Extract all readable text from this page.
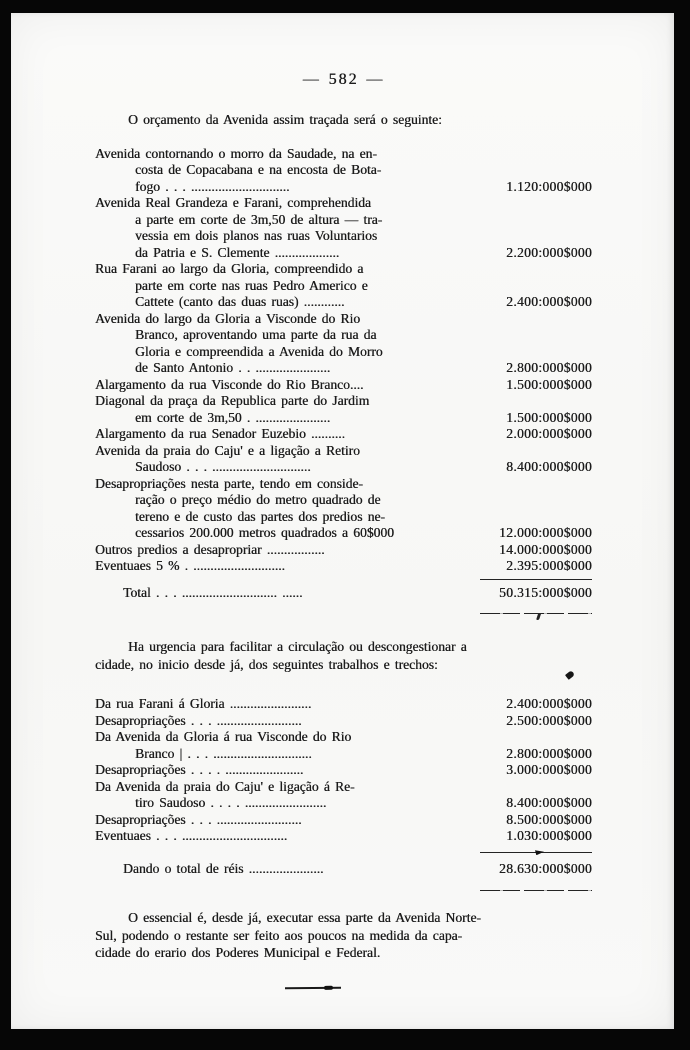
— 582 —
O orçamento da Avenida assim traçada será o seguinte:
Avenida contornando o morro da Saudade, na en-
costa de Copacabana e na encosta de Bota-
fogo . . . .............................	1.120:000$000
Avenida Real Grandeza e Farani, comprehendida
a parte em corte de 3m,50 de altura — tra-
vessia em dois planos nas ruas Voluntarios
da Patria e S. Clemente ...................	2.200:000$000
Rua Farani ao largo da Gloria, compreendido a
parte em corte nas ruas Pedro Americo e
Cattete (canto das duas ruas) ............	2.400:000$000
Avenida do largo da Gloria a Visconde do Rio
Branco, aproventando uma parte da rua da
Gloria e compreendida a Avenida do Morro
de Santo Antonio . . ......................	2.800:000$000
Alargamento da rua Visconde do Rio Branco....	1.500:000$000
Diagonal da praça da Republica parte do Jardim
em corte de 3m,50 . ......................	1.500:000$000
Alargamento da rua Senador Euzebio ..........	2.000:000$000
Avenida da praia do Caju' e a ligação a Retiro
Saudoso . . . .............................	8.400:000$000
Desapropriações nesta parte, tendo em conside-
ração o preço médio do metro quadrado de
tereno e de custo das partes dos predios ne-
cessarios 200.000 metros quadrados a 60$000	12.000:000$000
Outros predios a desapropriar .................	14.000:000$000
Eventuaes 5 % . ...........................	2.395:000$000
Total . . . ............................ ......	50.315:000$000
Ha urgencia para facilitar a circulação ou descongestionar a
cidade, no inicio desde já, dos seguintes trabalhos e trechos:
Da rua Farani á Gloria ........................	2.400:000$000
Desapropriações . . . .........................	2.500:000$000
Da Avenida da Gloria á rua Visconde do Rio
Branco | . . . .............................	2.800:000$000
Desapropriações . . . . .......................	3.000:000$000
Da Avenida da praia do Caju' e ligação á Re-
tiro Saudoso . . . . ........................	8.400:000$000
Desapropriações . . . .........................	8.500:000$000
Eventuaes . . . ...............................	1.030:000$000
Dando o total de réis ......................	28.630:000$000
O essencial é, desde já, executar essa parte da Avenida Norte-
Sul, podendo o restante ser feito aos poucos na medida da capa-
cidade do erario dos Poderes Municipal e Federal.
